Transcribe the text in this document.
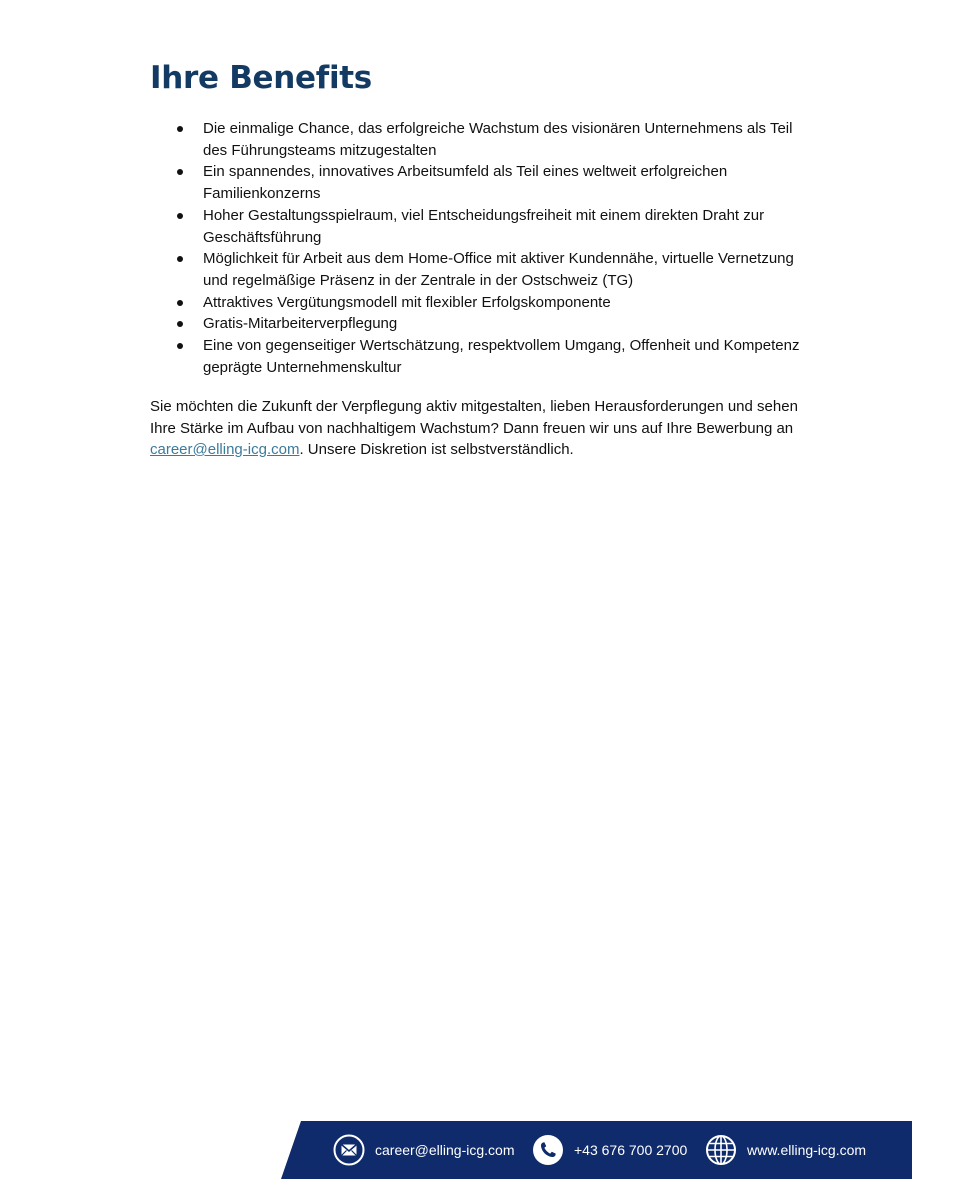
Ihre Benefits
Die einmalige Chance, das erfolgreiche Wachstum des visionären Unternehmens als Teil des Führungsteams mitzugestalten
Ein spannendes, innovatives Arbeitsumfeld als Teil eines weltweit erfolgreichen Familienkonzerns
Hoher Gestaltungsspielraum, viel Entscheidungsfreiheit mit einem direkten Draht zur Geschäftsführung
Möglichkeit für Arbeit aus dem Home-Office mit aktiver Kundennähe, virtuelle Vernetzung und regelmäßige Präsenz in der Zentrale in der Ostschweiz (TG)
Attraktives Vergütungsmodell mit flexibler Erfolgskomponente
Gratis-Mitarbeiterverpflegung
Eine von gegenseitiger Wertschätzung, respektvollem Umgang, Offenheit und Kompetenz geprägte Unternehmenskultur

Sie möchten die Zukunft der Verpflegung aktiv mitgestalten, lieben Herausforderungen und sehen Ihre Stärke im Aufbau von nachhaltigem Wachstum? Dann freuen wir uns auf Ihre Bewerbung an career@elling-icg.com. Unsere Diskretion ist selbstverständlich.

career@elling-icg.com	+43 676 700 2700	www.elling-icg.com
